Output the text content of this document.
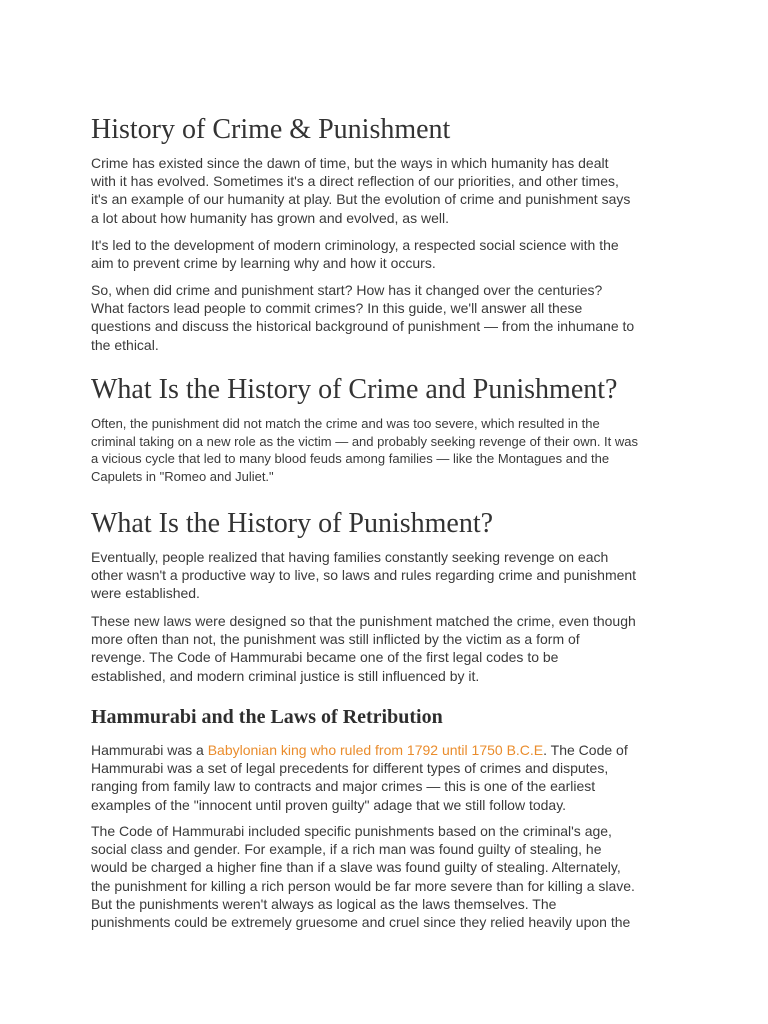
History of Crime & Punishment
Crime has existed since the dawn of time, but the ways in which humanity has dealt
with it has evolved. Sometimes it's a direct reflection of our priorities, and other times,
it's an example of our humanity at play. But the evolution of crime and punishment says
a lot about how humanity has grown and evolved, as well.
It's led to the development of modern criminology, a respected social science with the
aim to prevent crime by learning why and how it occurs.
So, when did crime and punishment start? How has it changed over the centuries?
What factors lead people to commit crimes? In this guide, we'll answer all these
questions and discuss the historical background of punishment — from the inhumane to
the ethical.
What Is the History of Crime and Punishment?
Often, the punishment did not match the crime and was too severe, which resulted in the
criminal taking on a new role as the victim — and probably seeking revenge of their own. It was
a vicious cycle that led to many blood feuds among families — like the Montagues and the
Capulets in "Romeo and Juliet."
What Is the History of Punishment?
Eventually, people realized that having families constantly seeking revenge on each
other wasn't a productive way to live, so laws and rules regarding crime and punishment
were established.
These new laws were designed so that the punishment matched the crime, even though
more often than not, the punishment was still inflicted by the victim as a form of
revenge. The Code of Hammurabi became one of the first legal codes to be
established, and modern criminal justice is still influenced by it.
Hammurabi and the Laws of Retribution
Hammurabi was a Babylonian king who ruled from 1792 until 1750 B.C.E. The Code of
Hammurabi was a set of legal precedents for different types of crimes and disputes,
ranging from family law to contracts and major crimes — this is one of the earliest
examples of the "innocent until proven guilty" adage that we still follow today.
The Code of Hammurabi included specific punishments based on the criminal's age,
social class and gender. For example, if a rich man was found guilty of stealing, he
would be charged a higher fine than if a slave was found guilty of stealing. Alternately,
the punishment for killing a rich person would be far more severe than for killing a slave.
But the punishments weren't always as logical as the laws themselves. The
punishments could be extremely gruesome and cruel since they relied heavily upon the
